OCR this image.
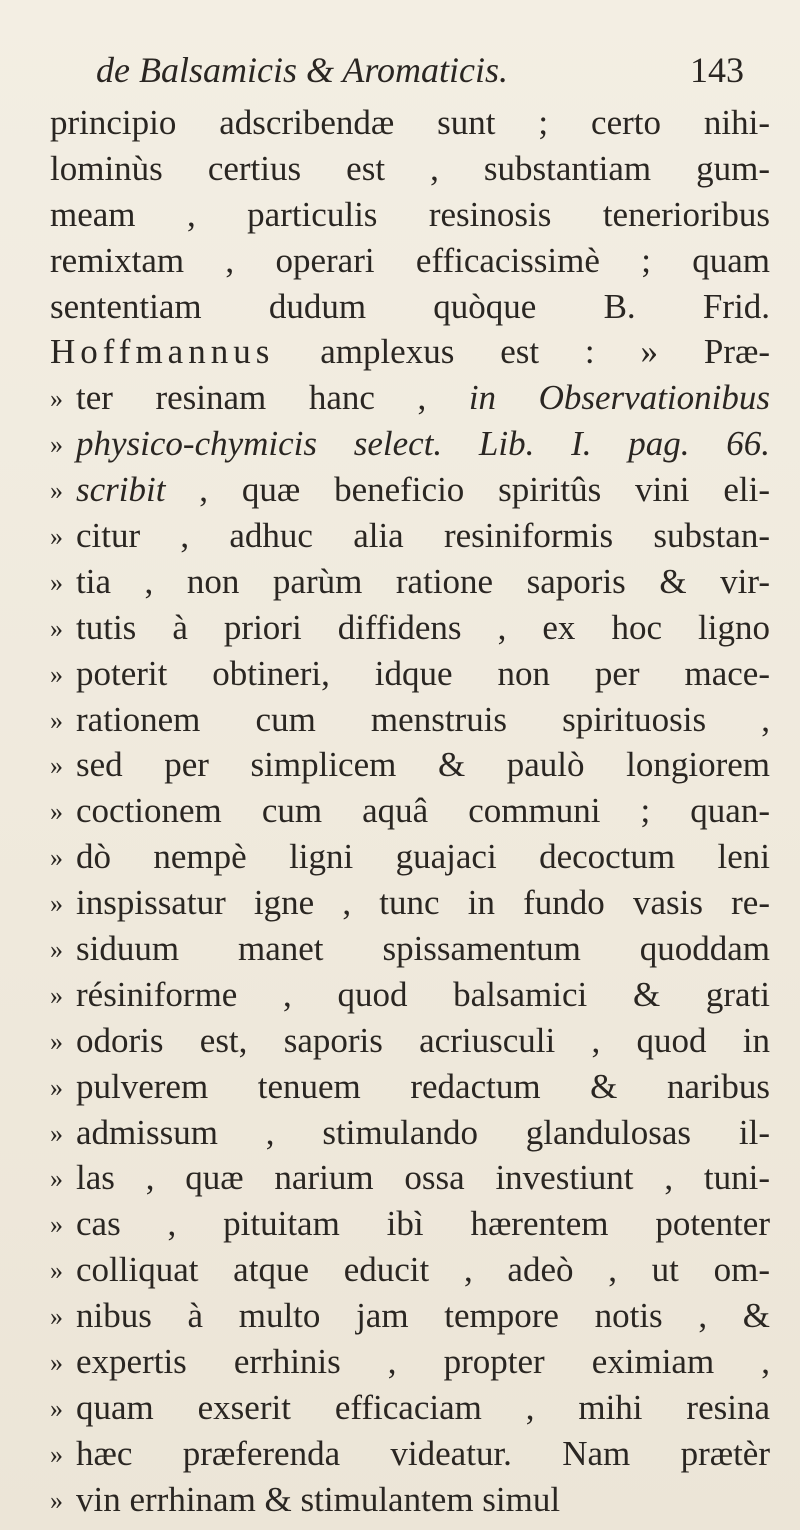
de Balsamicis & Aromaticis.	143
principio adscribendæ sunt ; certo nihi-
lominùs certius est , substantiam gum-
meam , particulis resinosis tenerioribus
remixtam , operari efficacissimè ; quam
sententiam dudum quòque B. Frid.
Hoffmannus amplexus est : » Præ-
» ter resinam hanc , in Observationibus
» physico-chymicis select. Lib. I. pag. 66.
» scribit , quæ beneficio spiritûs vini eli-
» citur , adhuc alia resiniformis substan-
» tia , non parùm ratione saporis & vir-
» tutis à priori diffidens , ex hoc ligno
» poterit obtineri, idque non per mace-
» rationem cum menstruis spirituosis ,
» sed per simplicem & paulò longiorem
» coctionem cum aquâ communi ; quan-
» dò nempè ligni guajaci decoctum leni
» inspissatur igne , tunc in fundo vasis re-
» siduum manet spissamentum quoddam
» résiniforme , quod balsamici & grati
» odoris est, saporis acriusculi , quod in
» pulverem tenuem redactum & naribus
» admissum , stimulando glandulosas il-
» las , quæ narium ossa investiunt , tuni-
» cas , pituitam ibì hærentem potenter
» colliquat atque educit , adeò , ut om-
» nibus à multo jam tempore notis , &
» expertis errhinis , propter eximiam ,
» quam exserit efficaciam , mihi resina
» hæc præferenda videatur. Nam prætèr
» vin errhinam & stimulantem simul
